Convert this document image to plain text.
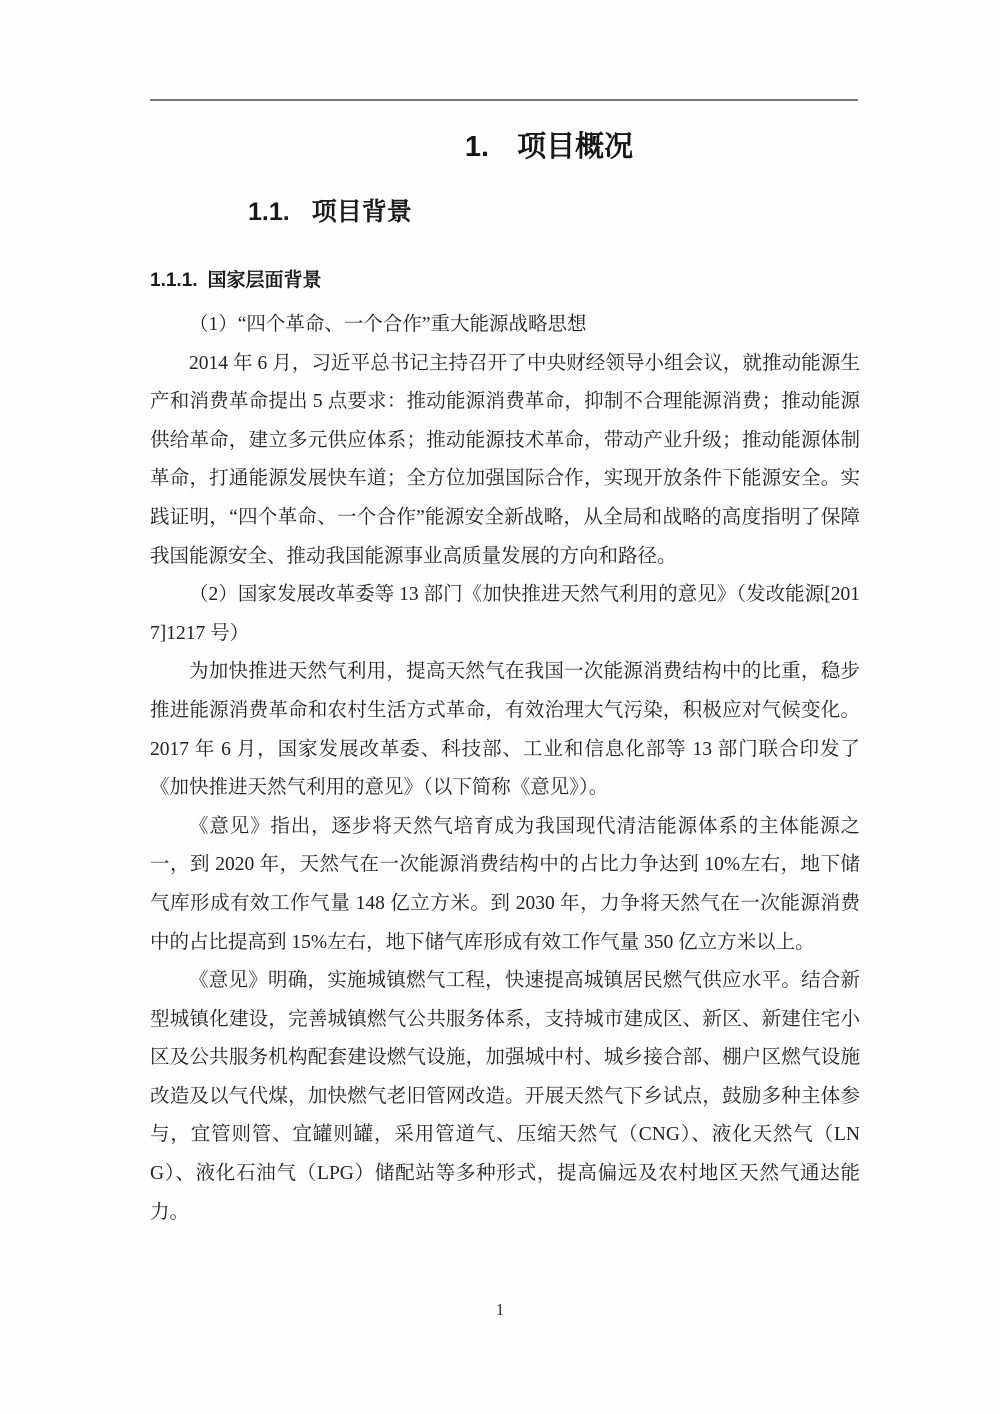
1. 项目概况
1.1. 项目背景
1.1.1. 国家层面背景

（1）“四个革命、一个合作”重大能源战略思想

2014 年 6 月，习近平总书记主持召开了中央财经领导小组会议，就推动能源生产和消费革命提出 5 点要求：推动能源消费革命，抑制不合理能源消费；推动能源供给革命，建立多元供应体系；推动能源技术革命，带动产业升级；推动能源体制革命，打通能源发展快车道；全方位加强国际合作，实现开放条件下能源安全。实践证明，“四个革命、一个合作”能源安全新战略，从全局和战略的高度指明了保障我国能源安全、推动我国能源事业高质量发展的方向和路径。

（2）国家发展改革委等 13 部门《加快推进天然气利用的意见》（发改能源[2017]1217 号）

为加快推进天然气利用，提高天然气在我国一次能源消费结构中的比重，稳步推进能源消费革命和农村生活方式革命，有效治理大气污染，积极应对气候变化。2017 年 6 月，国家发展改革委、科技部、工业和信息化部等 13 部门联合印发了《加快推进天然气利用的意见》（以下简称《意见》）。

《意见》指出，逐步将天然气培育成为我国现代清洁能源体系的主体能源之一，到 2020 年，天然气在一次能源消费结构中的占比力争达到 10%左右，地下储气库形成有效工作气量 148 亿立方米。到 2030 年，力争将天然气在一次能源消费中的占比提高到 15%左右，地下储气库形成有效工作气量 350 亿立方米以上。

《意见》明确，实施城镇燃气工程，快速提高城镇居民燃气供应水平。结合新型城镇化建设，完善城镇燃气公共服务体系，支持城市建成区、新区、新建住宅小区及公共服务机构配套建设燃气设施，加强城中村、城乡接合部、棚户区燃气设施改造及以气代煤，加快燃气老旧管网改造。开展天然气下乡试点，鼓励多种主体参与，宜管则管、宜罐则罐，采用管道气、压缩天然气（CNG）、液化天然气（LNG）、液化石油气（LPG）储配站等多种形式，提高偏远及农村地区天然气通达能力。

1
